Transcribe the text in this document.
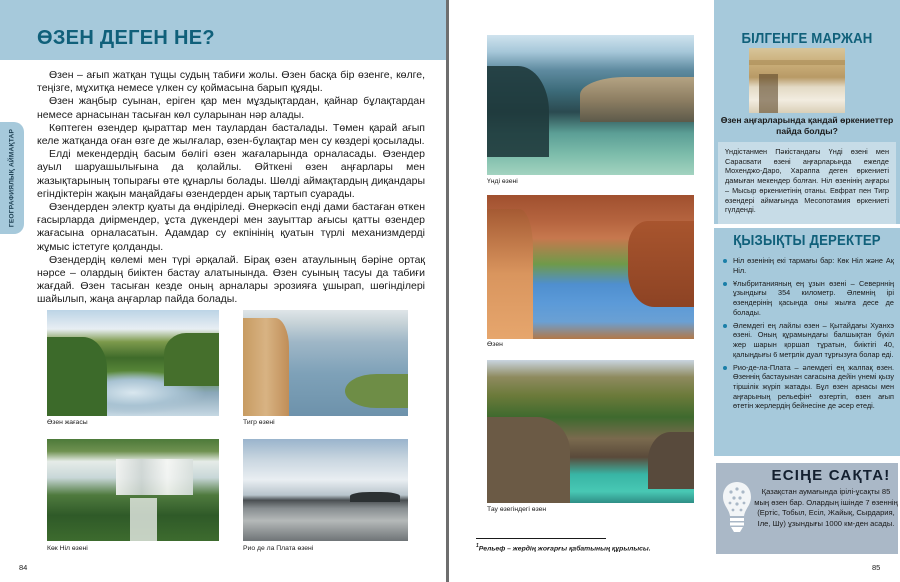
ӨЗЕН ДЕГЕН НЕ?
ГЕОГРАФИЯЛЫҚ АЙМАҚТАР

Өзен – ағып жатқан тұщы судың табиғи жолы. Өзен басқа бір өзенге, көлге, теңізге, мұхитқа немесе үлкен су қоймасына барып құяды.

Өзен жаңбыр суынан, еріген қар мен мұздықтардан, қайнар бұлақтардан немесе арнасынан тасыған көл суларынан нәр алады.

Көптеген өзендер қыраттар мен таулардан басталады. Төмен қарай ағып келе жатқанда оған өзге де жылғалар, өзен-бұлақтар мен су көздері қосылады.

Елді мекендердің басым бөлігі өзен жағаларында орналасады. Өзендер ауыл шаруашылығына да қолайлы. Өйткені өзен аңғарлары мен жазықтарының топырағы өте құнарлы болады. Шөлді аймақтардың диқандары егіндіктерін жақын маңайдағы өзендерден арық тартып суарады.

Өзендерден электр қуаты да өндіріледі. Өнеркәсіп енді дами бастаған өткен ғасырларда диірмендер, ұста дүкендері мен зауыттар ағысы қатты өзендер жағасына орналасатын. Адамдар су екпінінің қуатын түрлі механизмдерді жұмыс істетуге қолданды.

Өзендердің көлемі мен түрі әрқалай. Бірақ өзен атаулының бәріне ортақ нәрсе – олардың биіктен бастау алатынында. Өзен суының тасуы да табиғи жағдай. Өзен тасыған кезде оның арналары эрозияға ұшырап, шөгінділері шайылып, жаңа аңғарлар пайда болады.

Өзен жағасы	Тигр өзені
Көк Ніл өзені	Рио де ла Плата өзені
84
Үнді өзені
Өзен
Тау өзегіндегі өзен
$^1$Рельеф – жердің жоғарғы қабатының құрылысы.
БІЛГЕНГЕ МАРЖАН
Өзен аңғарларында қандай өркениеттер пайда болды?
Үндістанмен Пәкістандағы Үнді өзені мен Сарасвати өзені аңғарларында ежелде Мохенджо-Даро, Хараппа деген өркениеті дамыған мекендер болған. Ніл өзенінің аңғары – Мысыр өркениетінің отаны. Евфрат пен Тигр өзендері аймағында Месопотамия өркениеті гүлденді.
ҚЫЗЫҚТЫ ДЕРЕКТЕР
Ніл өзенінің екі тармағы бар: Көк Ніл және Ақ Ніл.
Ұлыбританияның ең ұзын өзені – Северннің ұзындығы 354 километр. Әлемнің ірі өзендерінің қасында оны жылға десе де болады.
Әлемдегі ең лайлы өзен – Қытайдағы Хуанхэ өзені. Оның құрамындағы балшықтан бүкіл жер шарын қоршап тұратын, биіктігі 40, қалыңдығы 6 метрлік дуал тұрғызуға болар еді.
Рио-де-ла-Плата – әлемдегі ең жалпақ өзен. Өзеннің бастауынан сағасына дейін үнемі қызу тіршілік жүріп жатады. Бұл өзен арнасы мен аңғарының рельефін¹ өзгертіп, өзен ағып өтетін жерлердің бейнесіне де әсер етеді.
ЕСІҢЕ САҚТА!
Қазақстан аумағында ірілі-ұсақты 85 мың өзен бар. Олардың ішінде 7 өзеннің (Ертіс, Тобыл, Есіл, Жайық, Сырдария, Іле, Шу) ұзындығы 1000 км-ден асады.
85
